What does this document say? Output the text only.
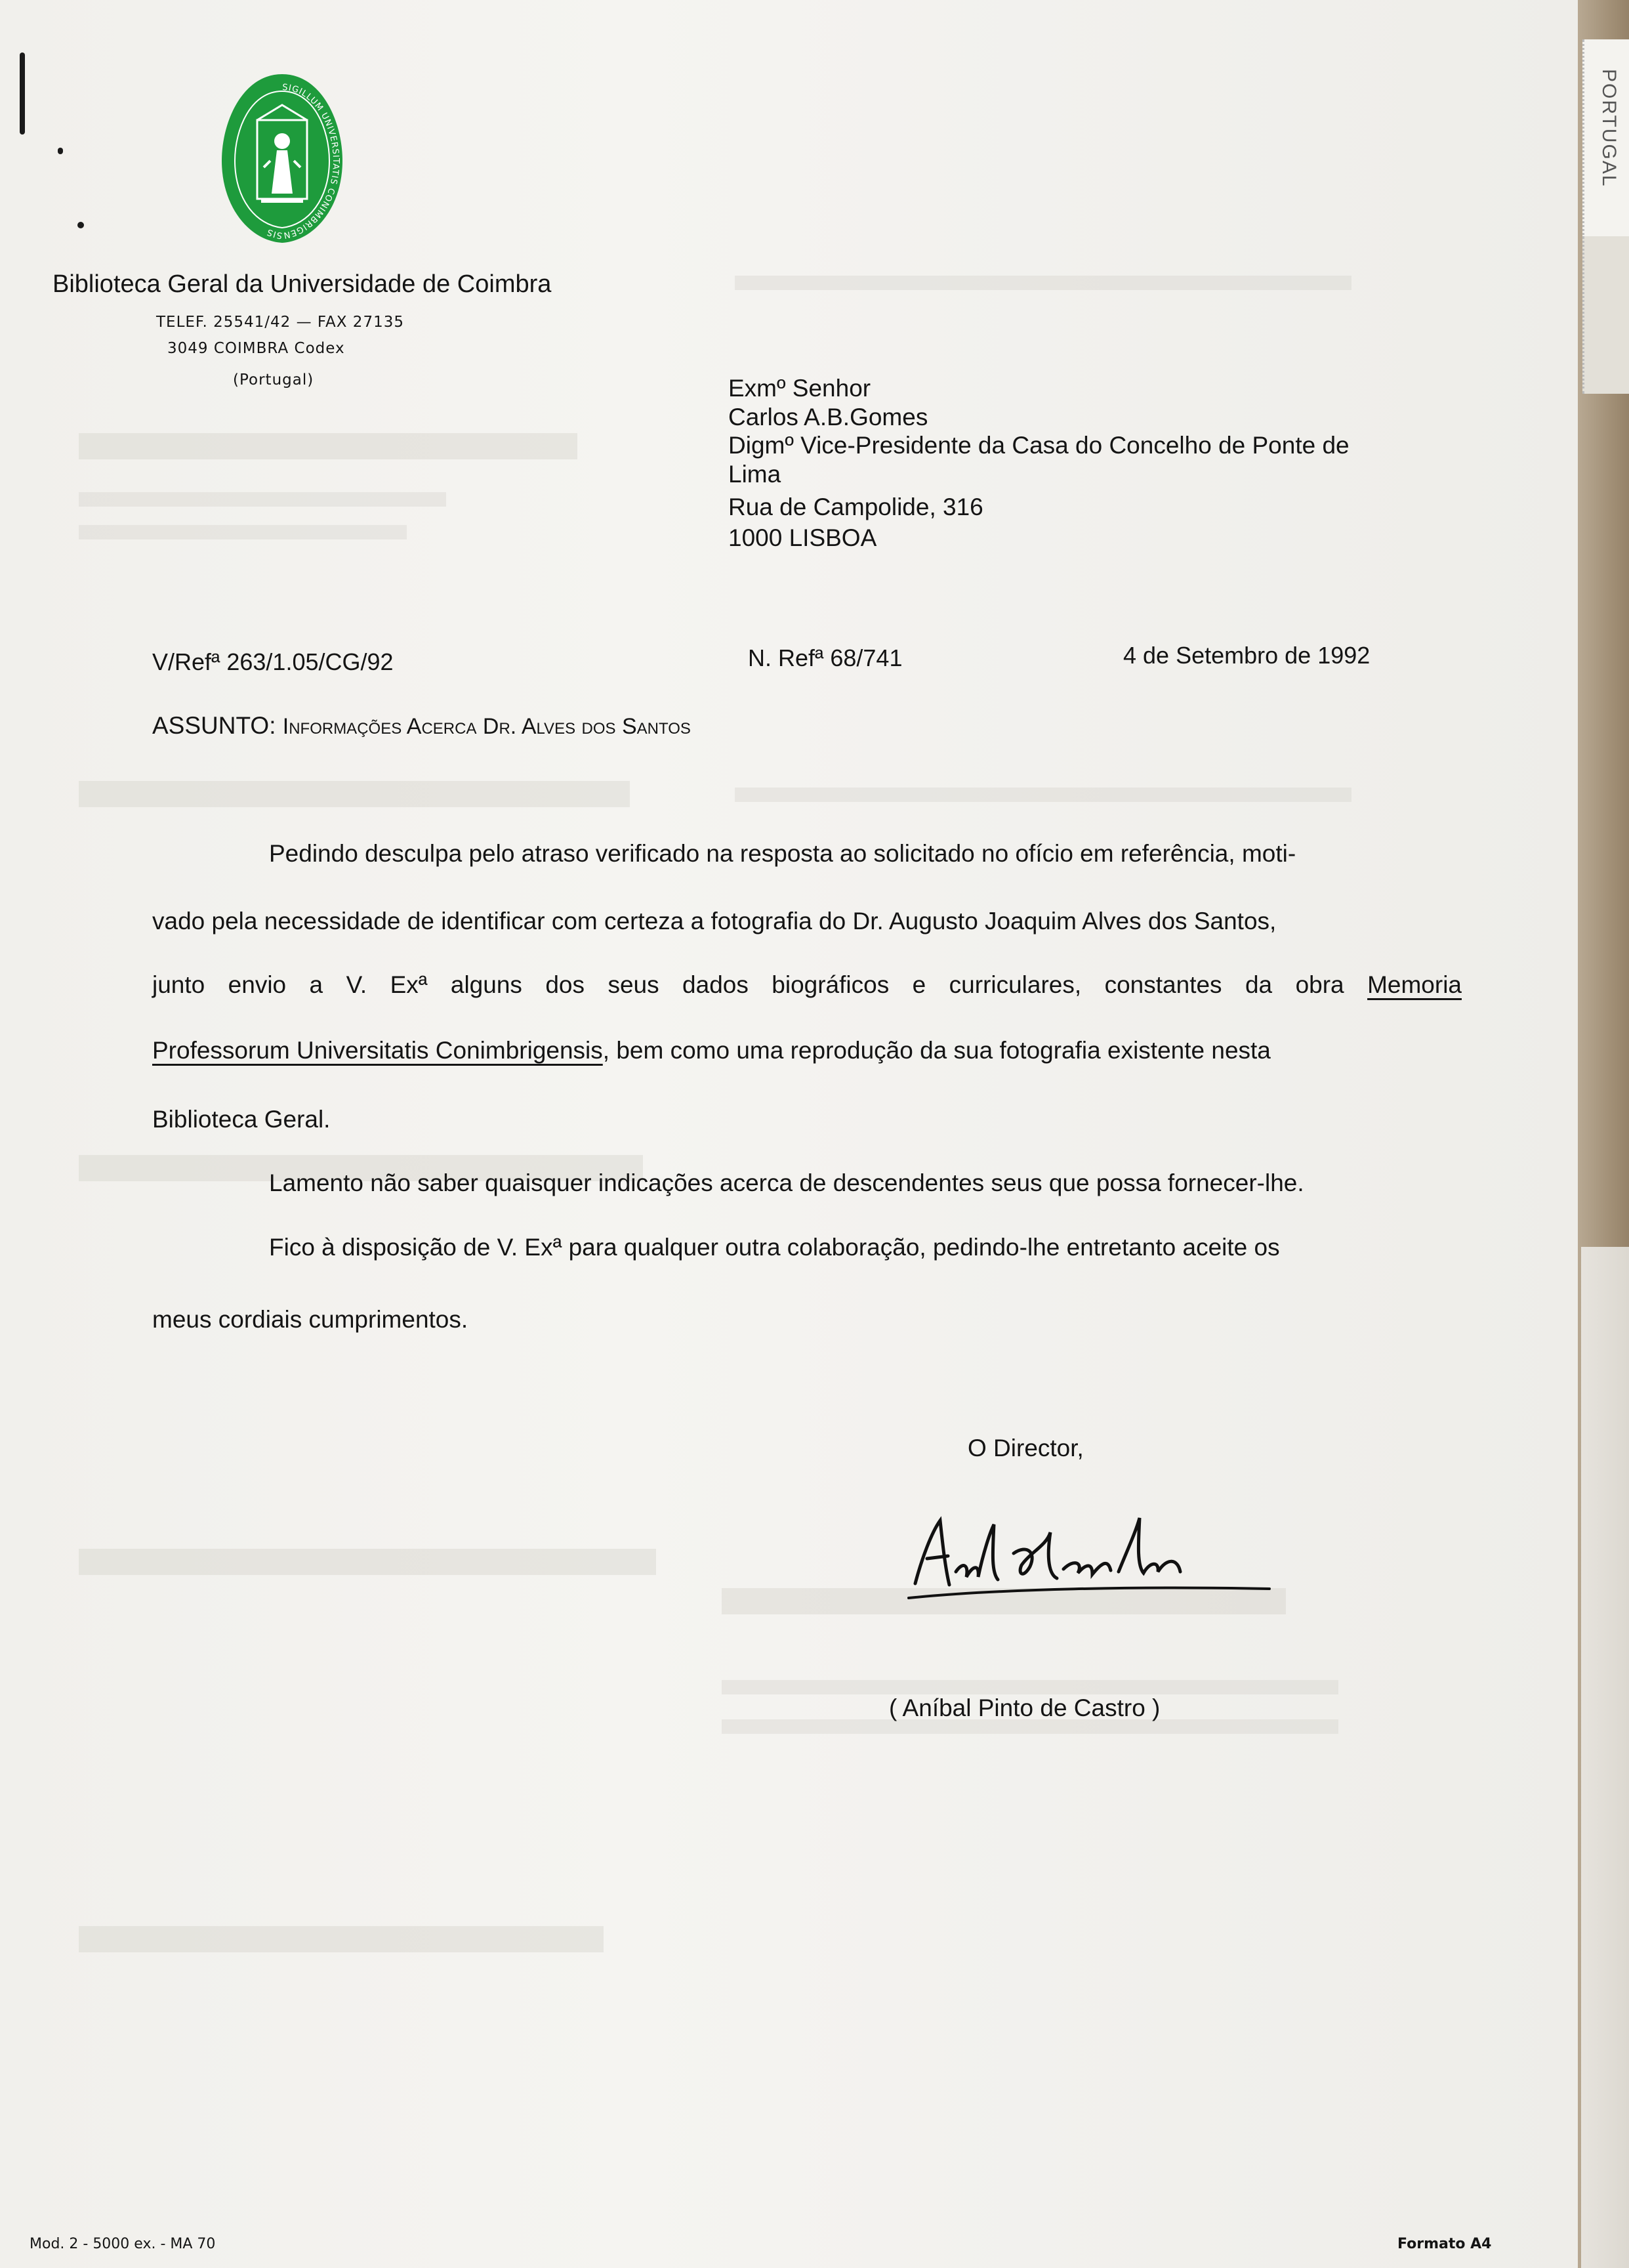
PORTUGAL
SIGILLUM UNIVERSITATIS CONIMBRIGENSIS
Biblioteca Geral da Universidade de Coimbra
TELEF. 25541/42 — FAX 27135
3049 COIMBRA Codex
(Portugal)	Exmº Senhor
Carlos A.B.Gomes
Digmº Vice-Presidente da Casa do Concelho de Ponte de
Lima
Rua de Campolide, 316
1000 LISBOA
V/Refª 263/1.05/CG/92	N. Refª 68/741	4 de Setembro de 1992
ASSUNTO: Informações Acerca Dr. Alves dos Santos
Pedindo desculpa pelo atraso verificado na resposta ao solicitado no ofício em referência, moti-
vado pela necessidade de identificar com certeza a fotografia do Dr. Augusto Joaquim Alves dos Santos,
junto envio a V. Exª alguns dos seus dados biográficos e curriculares, constantes da obra Memoria
Professorum Universitatis Conimbrigensis, bem como uma reprodução da sua fotografia existente nesta
Biblioteca Geral.
Lamento não saber quaisquer indicações acerca de descendentes seus que possa fornecer-lhe.
Fico à disposição de V. Exª para qualquer outra colaboração, pedindo-lhe entretanto aceite os
meus cordiais cumprimentos.
O Director,
( Aníbal Pinto de Castro )
Mod. 2 - 5000 ex. - MA 70	Formato A4
